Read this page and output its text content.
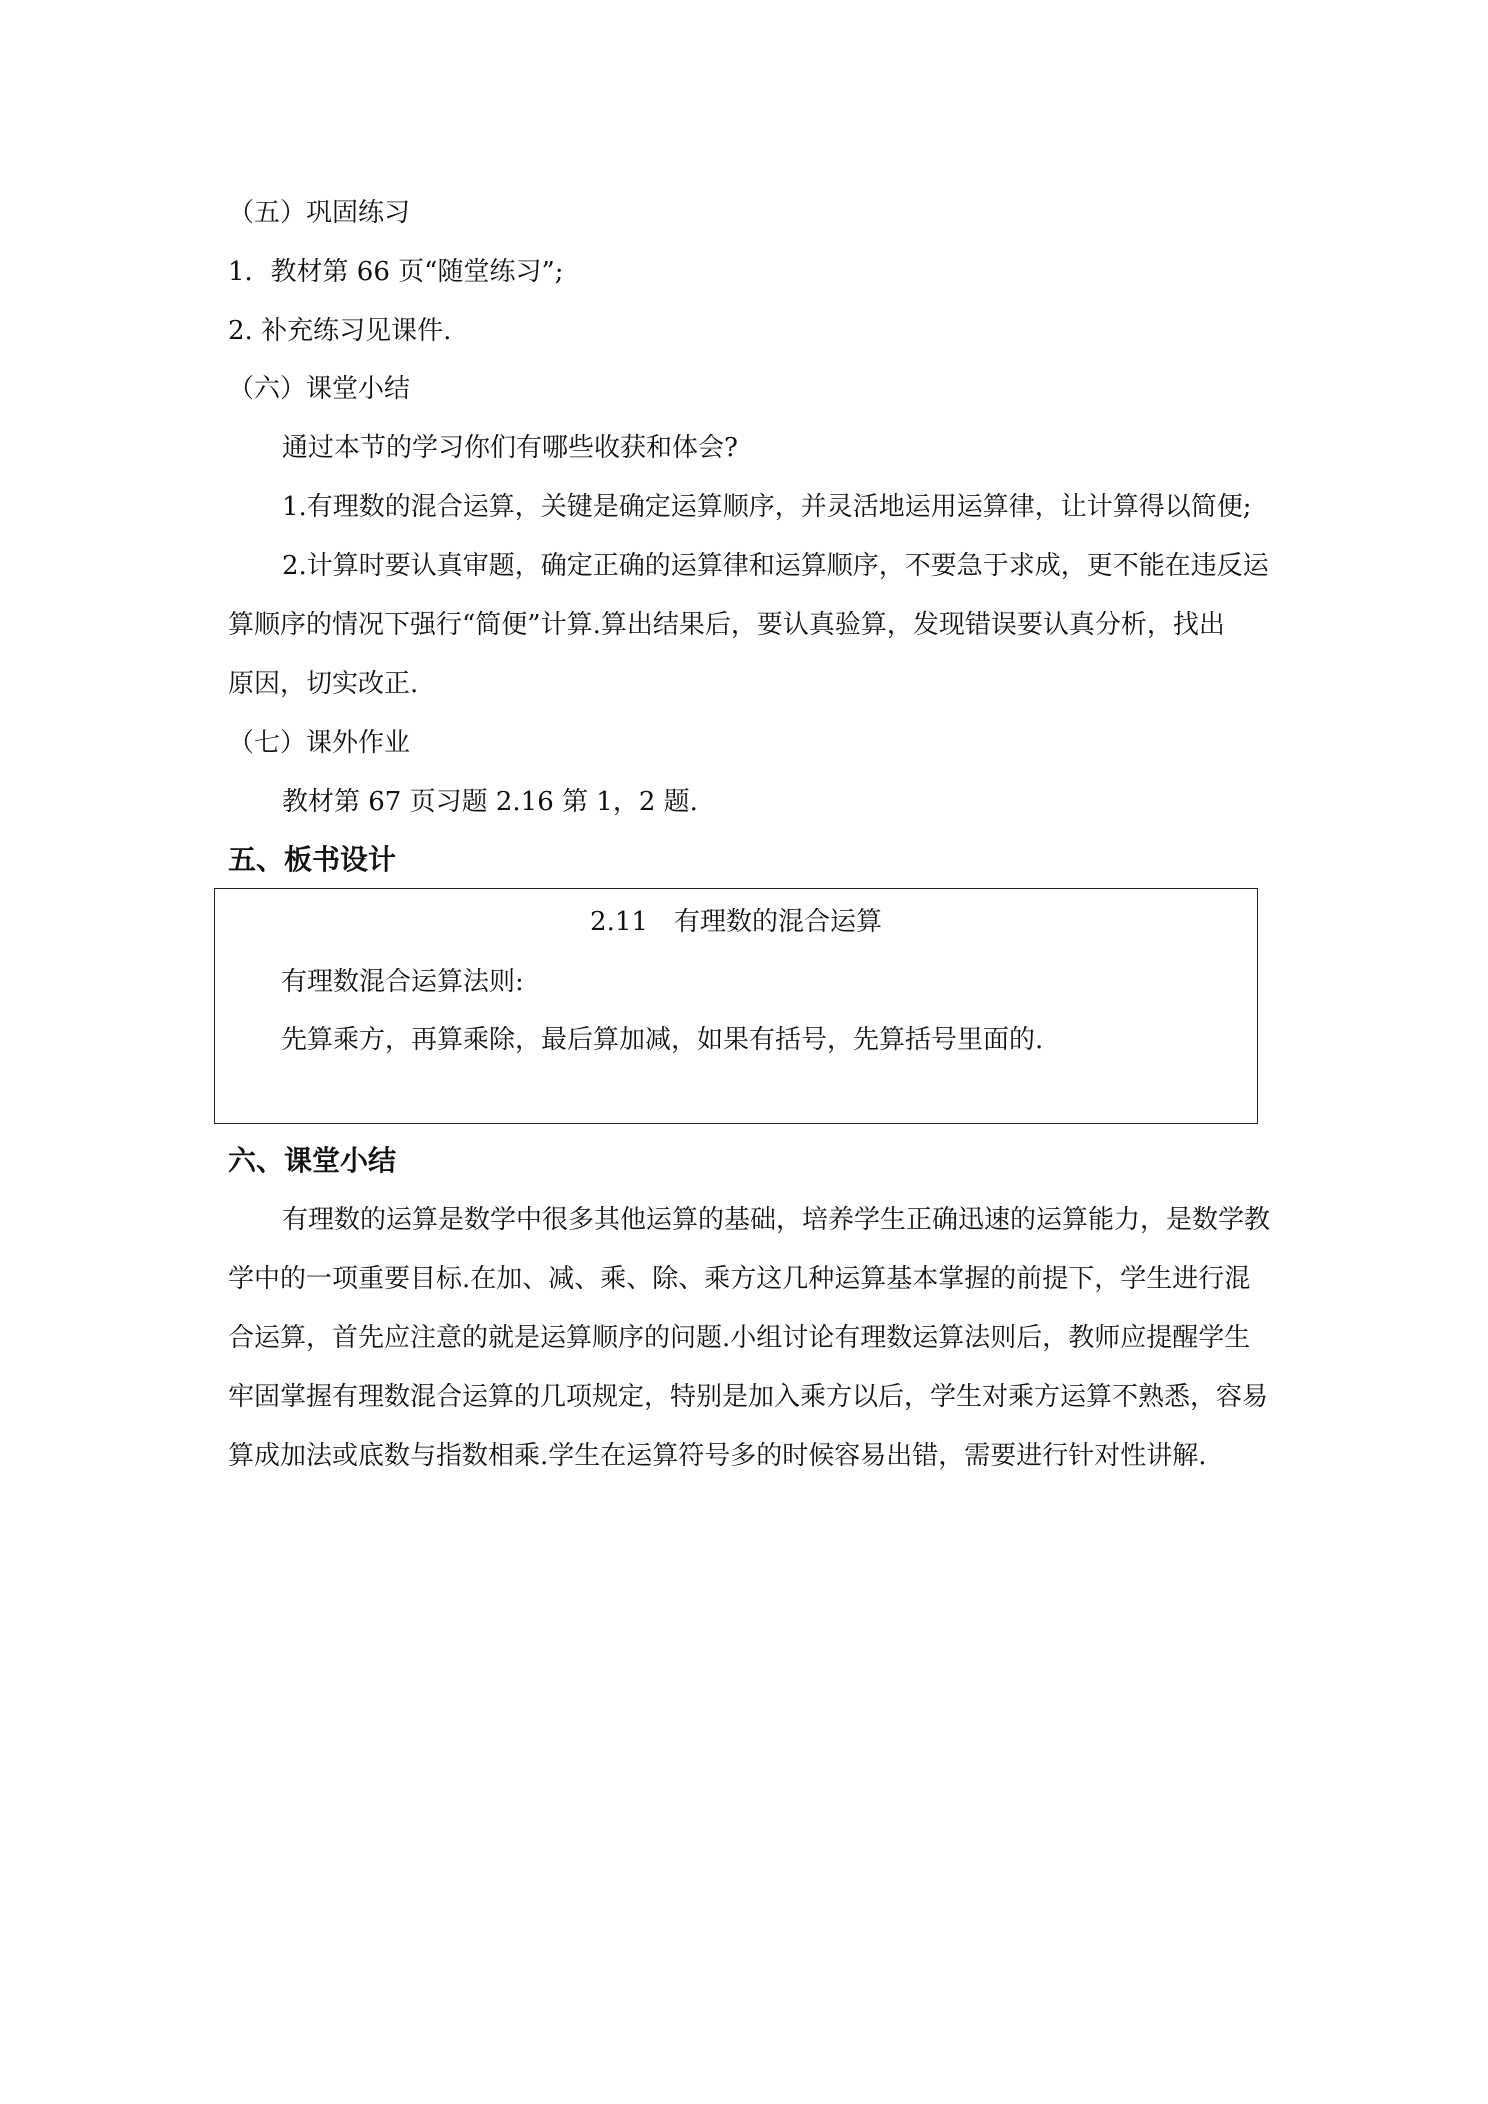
（五）巩固练习
1．教材第 66 页“随堂练习”;
2. 补充练习见课件.
（六）课堂小结
通过本节的学习你们有哪些收获和体会?
1.有理数的混合运算，关键是确定运算顺序，并灵活地运用运算律，让计算得以简便;
2.计算时要认真审题，确定正确的运算律和运算顺序，不要急于求成，更不能在违反运
算顺序的情况下强行“简便”计算.算出结果后，要认真验算，发现错误要认真分析，找出
原因，切实改正.
（七）课外作业
教材第 67 页习题 2.16 第 1，2 题.
五、板书设计
2.11　有理数的混合运算
有理数混合运算法则:
先算乘方，再算乘除，最后算加减，如果有括号，先算括号里面的.
六、课堂小结
有理数的运算是数学中很多其他运算的基础，培养学生正确迅速的运算能力，是数学教
学中的一项重要目标.在加、减、乘、除、乘方这几种运算基本掌握的前提下，学生进行混
合运算，首先应注意的就是运算顺序的问题.小组讨论有理数运算法则后，教师应提醒学生
牢固掌握有理数混合运算的几项规定，特别是加入乘方以后，学生对乘方运算不熟悉，容易
算成加法或底数与指数相乘.学生在运算符号多的时候容易出错，需要进行针对性讲解.
